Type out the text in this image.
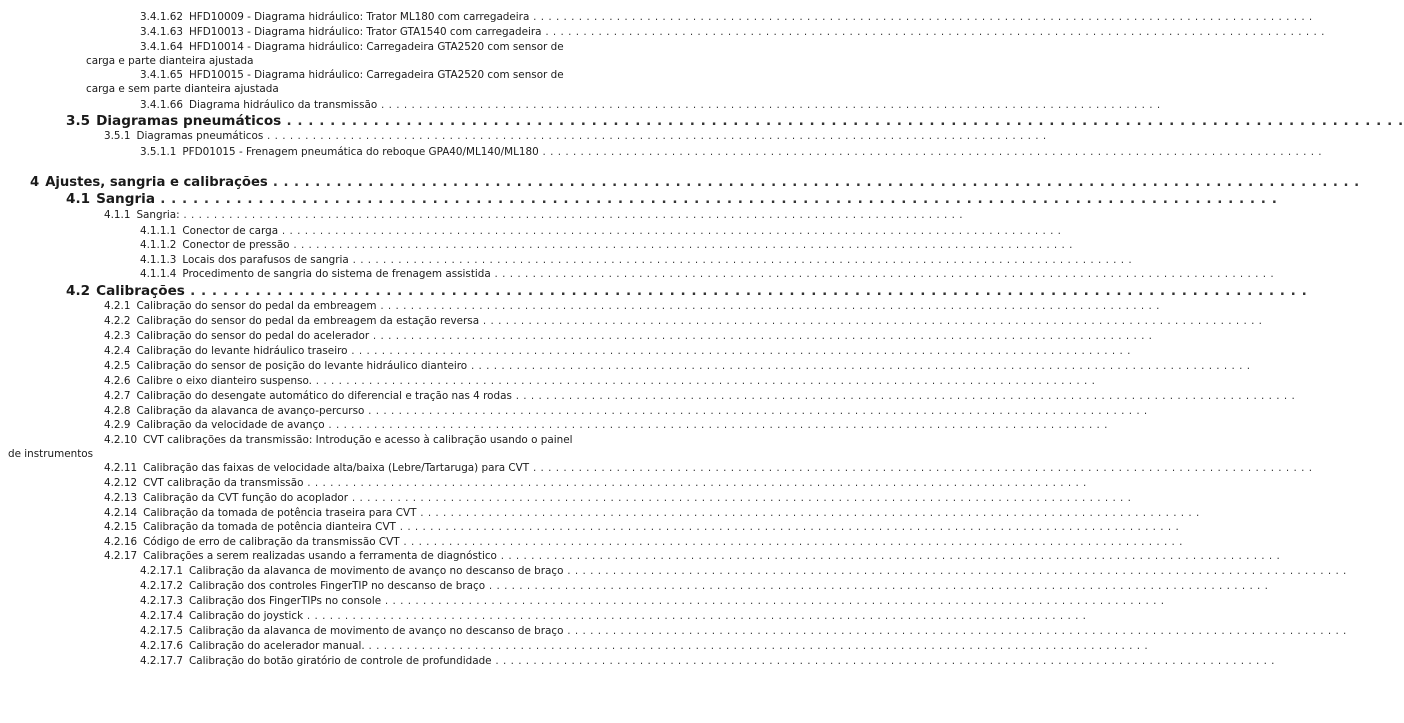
3.4.1.62 HFD10009 - Diagrama hidráulico: Trator ML180 com carregadeira . . . . . . . . . . . . . . . . . . . . . . . . . . . . . . . . . . . . . . . . . . . . . . . . . . . . . . . . . . . . . . . . . . . . . . . . . . . . . . . . . . . . . . . . . . . . . . . . . . . . . . .
3.4.1.63 HFD10013 - Diagrama hidráulico: Trator GTA1540 com carregadeira . . . . . . . . . . . . . . . . . . . . . . . . . . . . . . . . . . . . . . . . . . . . . . . . . . . . . . . . . . . . . . . . . . . . . . . . . . . . . . . . . . . . . . . . . . . . . . . . . . . . . . .
3.4.1.64 HFD10014 - Diagrama hidráulico: Carregadeira GTA2520 com sensor de carga e parte dianteira ajustada
3.4.1.65 HFD10015 - Diagrama hidráulico: Carregadeira GTA2520 com sensor de carga e sem parte dianteira ajustada
3.4.1.66 Diagrama hidráulico da transmissão . . . . . . . . . . . . . . . . . . . . . . . . . . . . . . . . . . . . . . . . . . . . . . . . . . . . . . . . . . . . . . . . . . . . . . . . . . . . . . . . . . . . . . . . . . . . . . . . . . . . . . .
3.5 Diagramas pneumáticos . . . . . . . . . . . . . . . . . . . . . . . . . . . . . . . . . . . . . . . . . . . . . . . . . . . . . . . . . . . . . . . . . . . . . . . . . . . . . . . . . . . . . . . . . . . . . . . . . . . . . . .
3.5.1 Diagramas pneumáticos . . . . . . . . . . . . . . . . . . . . . . . . . . . . . . . . . . . . . . . . . . . . . . . . . . . . . . . . . . . . . . . . . . . . . . . . . . . . . . . . . . . . . . . . . . . . . . . . . . . . . . .
3.5.1.1 PFD01015 - Frenagem pneumática do reboque GPA40/ML140/ML180 . . . . . . . . . . . . . . . . . . . . . . . . . . . . . . . . . . . . . . . . . . . . . . . . . . . . . . . . . . . . . . . . . . . . . . . . . . . . . . . . . . . . . . . . . . . . . . . . . . . . . . .
4 Ajustes, sangria e calibrações . . . . . . . . . . . . . . . . . . . . . . . . . . . . . . . . . . . . . . . . . . . . . . . . . . . . . . . . . . . . . . . . . . . . . . . . . . . . . . . . . . . . . . . . . . . . . . . . . . . . . . .
4.1 Sangria . . . . . . . . . . . . . . . . . . . . . . . . . . . . . . . . . . . . . . . . . . . . . . . . . . . . . . . . . . . . . . . . . . . . . . . . . . . . . . . . . . . . . . . . . . . . . . . . . . . . . . .
4.1.1 Sangria: . . . . . . . . . . . . . . . . . . . . . . . . . . . . . . . . . . . . . . . . . . . . . . . . . . . . . . . . . . . . . . . . . . . . . . . . . . . . . . . . . . . . . . . . . . . . . . . . . . . . . . .
4.1.1.1 Conector de carga . . . . . . . . . . . . . . . . . . . . . . . . . . . . . . . . . . . . . . . . . . . . . . . . . . . . . . . . . . . . . . . . . . . . . . . . . . . . . . . . . . . . . . . . . . . . . . . . . . . . . . .
4.1.1.2 Conector de pressão . . . . . . . . . . . . . . . . . . . . . . . . . . . . . . . . . . . . . . . . . . . . . . . . . . . . . . . . . . . . . . . . . . . . . . . . . . . . . . . . . . . . . . . . . . . . . . . . . . . . . . .
4.1.1.3 Locais dos parafusos de sangria . . . . . . . . . . . . . . . . . . . . . . . . . . . . . . . . . . . . . . . . . . . . . . . . . . . . . . . . . . . . . . . . . . . . . . . . . . . . . . . . . . . . . . . . . . . . . . . . . . . . . . .
4.1.1.4 Procedimento de sangria do sistema de frenagem assistida . . . . . . . . . . . . . . . . . . . . . . . . . . . . . . . . . . . . . . . . . . . . . . . . . . . . . . . . . . . . . . . . . . . . . . . . . . . . . . . . . . . . . . . . . . . . . . . . . . . . . . .
4.2 Calibrações . . . . . . . . . . . . . . . . . . . . . . . . . . . . . . . . . . . . . . . . . . . . . . . . . . . . . . . . . . . . . . . . . . . . . . . . . . . . . . . . . . . . . . . . . . . . . . . . . . . . . . .
4.2.1 Calibração do sensor do pedal da embreagem . . . . . . . . . . . . . . . . . . . . . . . . . . . . . . . . . . . . . . . . . . . . . . . . . . . . . . . . . . . . . . . . . . . . . . . . . . . . . . . . . . . . . . . . . . . . . . . . . . . . . . .
4.2.2 Calibração do sensor do pedal da embreagem da estação reversa . . . . . . . . . . . . . . . . . . . . . . . . . . . . . . . . . . . . . . . . . . . . . . . . . . . . . . . . . . . . . . . . . . . . . . . . . . . . . . . . . . . . . . . . . . . . . . . . . . . . . . .
4.2.3 Calibração do sensor do pedal do acelerador . . . . . . . . . . . . . . . . . . . . . . . . . . . . . . . . . . . . . . . . . . . . . . . . . . . . . . . . . . . . . . . . . . . . . . . . . . . . . . . . . . . . . . . . . . . . . . . . . . . . . . .
4.2.4 Calibração do levante hidráulico traseiro . . . . . . . . . . . . . . . . . . . . . . . . . . . . . . . . . . . . . . . . . . . . . . . . . . . . . . . . . . . . . . . . . . . . . . . . . . . . . . . . . . . . . . . . . . . . . . . . . . . . . . .
4.2.5 Calibração do sensor de posição do levante hidráulico dianteiro . . . . . . . . . . . . . . . . . . . . . . . . . . . . . . . . . . . . . . . . . . . . . . . . . . . . . . . . . . . . . . . . . . . . . . . . . . . . . . . . . . . . . . . . . . . . . . . . . . . . . . .
4.2.6 Calibre o eixo dianteiro suspenso. . . . . . . . . . . . . . . . . . . . . . . . . . . . . . . . . . . . . . . . . . . . . . . . . . . . . . . . . . . . . . . . . . . . . . . . . . . . . . . . . . . . . . . . . . . . . . . . . . . . . . . .
4.2.7 Calibração do desengate automático do diferencial e tração nas 4 rodas . . . . . . . . . . . . . . . . . . . . . . . . . . . . . . . . . . . . . . . . . . . . . . . . . . . . . . . . . . . . . . . . . . . . . . . . . . . . . . . . . . . . . . . . . . . . . . . . . . . . . . .
4.2.8 Calibração da alavanca de avanço-percurso . . . . . . . . . . . . . . . . . . . . . . . . . . . . . . . . . . . . . . . . . . . . . . . . . . . . . . . . . . . . . . . . . . . . . . . . . . . . . . . . . . . . . . . . . . . . . . . . . . . . . . .
4.2.9 Calibração da velocidade de avanço . . . . . . . . . . . . . . . . . . . . . . . . . . . . . . . . . . . . . . . . . . . . . . . . . . . . . . . . . . . . . . . . . . . . . . . . . . . . . . . . . . . . . . . . . . . . . . . . . . . . . . .
4.2.10 CVT calibrações da transmissão: Introdução e acesso à calibração usando o painel de instrumentos
4.2.11 Calibração das faixas de velocidade alta/baixa (Lebre/Tartaruga) para CVT . . . . . . . . . . . . . . . . . . . . . . . . . . . . . . . . . . . . . . . . . . . . . . . . . . . . . . . . . . . . . . . . . . . . . . . . . . . . . . . . . . . . . . . . . . . . . . . . . . . . . . .
4.2.12 CVT calibração da transmissão . . . . . . . . . . . . . . . . . . . . . . . . . . . . . . . . . . . . . . . . . . . . . . . . . . . . . . . . . . . . . . . . . . . . . . . . . . . . . . . . . . . . . . . . . . . . . . . . . . . . . . .
4.2.13 Calibração da CVT função do acoplador . . . . . . . . . . . . . . . . . . . . . . . . . . . . . . . . . . . . . . . . . . . . . . . . . . . . . . . . . . . . . . . . . . . . . . . . . . . . . . . . . . . . . . . . . . . . . . . . . . . . . . .
4.2.14 Calibração da tomada de potência traseira para CVT . . . . . . . . . . . . . . . . . . . . . . . . . . . . . . . . . . . . . . . . . . . . . . . . . . . . . . . . . . . . . . . . . . . . . . . . . . . . . . . . . . . . . . . . . . . . . . . . . . . . . . .
4.2.15 Calibração da tomada de potência dianteira CVT . . . . . . . . . . . . . . . . . . . . . . . . . . . . . . . . . . . . . . . . . . . . . . . . . . . . . . . . . . . . . . . . . . . . . . . . . . . . . . . . . . . . . . . . . . . . . . . . . . . . . . .
4.2.16 Código de erro de calibração da transmissão CVT . . . . . . . . . . . . . . . . . . . . . . . . . . . . . . . . . . . . . . . . . . . . . . . . . . . . . . . . . . . . . . . . . . . . . . . . . . . . . . . . . . . . . . . . . . . . . . . . . . . . . . .
4.2.17 Calibrações a serem realizadas usando a ferramenta de diagnóstico . . . . . . . . . . . . . . . . . . . . . . . . . . . . . . . . . . . . . . . . . . . . . . . . . . . . . . . . . . . . . . . . . . . . . . . . . . . . . . . . . . . . . . . . . . . . . . . . . . . . . . .
4.2.17.1 Calibração da alavanca de movimento de avanço no descanso de braço . . . . . . . . . . . . . . . . . . . . . . . . . . . . . . . . . . . . . . . . . . . . . . . . . . . . . . . . . . . . . . . . . . . . . . . . . . . . . . . . . . . . . . . . . . . . . . . . . . . . . . .
4.2.17.2 Calibração dos controles FingerTIP no descanso de braço . . . . . . . . . . . . . . . . . . . . . . . . . . . . . . . . . . . . . . . . . . . . . . . . . . . . . . . . . . . . . . . . . . . . . . . . . . . . . . . . . . . . . . . . . . . . . . . . . . . . . . .
4.2.17.3 Calibração dos FingerTIPs no console . . . . . . . . . . . . . . . . . . . . . . . . . . . . . . . . . . . . . . . . . . . . . . . . . . . . . . . . . . . . . . . . . . . . . . . . . . . . . . . . . . . . . . . . . . . . . . . . . . . . . . .
4.2.17.4 Calibração do joystick . . . . . . . . . . . . . . . . . . . . . . . . . . . . . . . . . . . . . . . . . . . . . . . . . . . . . . . . . . . . . . . . . . . . . . . . . . . . . . . . . . . . . . . . . . . . . . . . . . . . . . .
4.2.17.5 Calibração da alavanca de movimento de avanço no descanso de braço . . . . . . . . . . . . . . . . . . . . . . . . . . . . . . . . . . . . . . . . . . . . . . . . . . . . . . . . . . . . . . . . . . . . . . . . . . . . . . . . . . . . . . . . . . . . . . . . . . . . . . .
4.2.17.6 Calibração do acelerador manual. . . . . . . . . . . . . . . . . . . . . . . . . . . . . . . . . . . . . . . . . . . . . . . . . . . . . . . . . . . . . . . . . . . . . . . . . . . . . . . . . . . . . . . . . . . . . . . . . . . . . . . .
4.2.17.7 Calibração do botão giratório de controle de profundidade . . . . . . . . . . . . . . . . . . . . . . . . . . . . . . . . . . . . . . . . . . . . . . . . . . . . . . . . . . . . . . . . . . . . . . . . . . . . . . . . . . . . . . . . . . . . . . . . . . . . . . .
